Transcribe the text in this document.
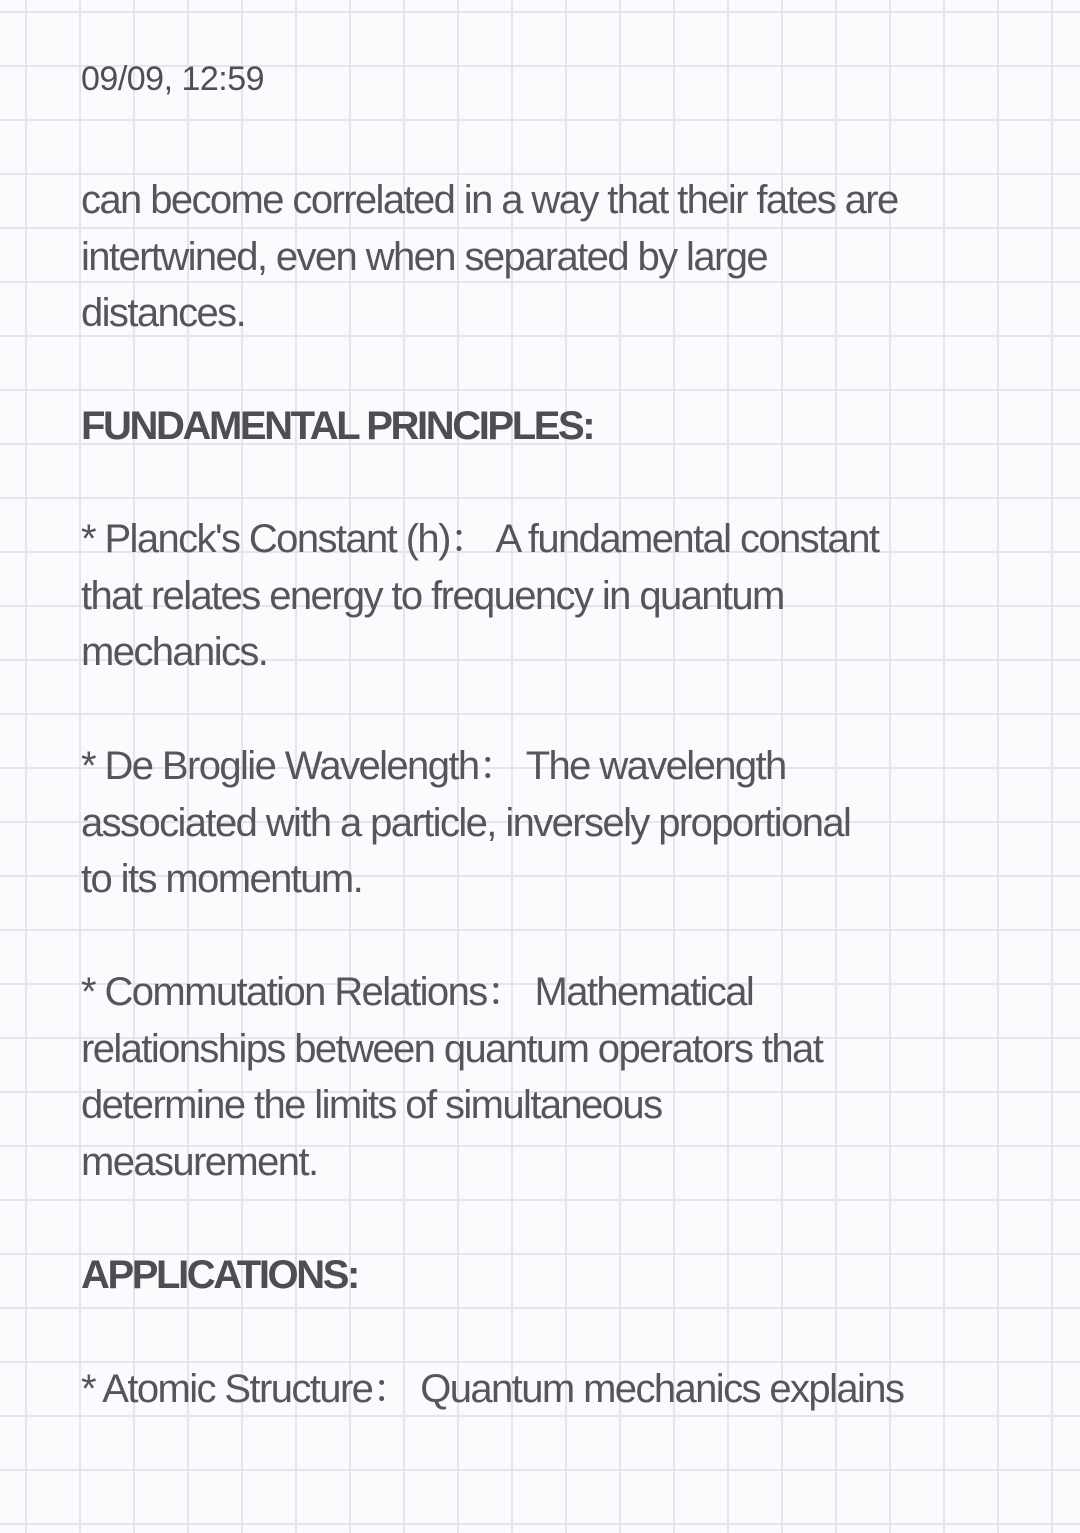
09/09, 12:59
can become correlated in a way that their fates are
intertwined, even when separated by large
distances.
FUNDAMENTAL PRINCIPLES:
* Planck's Constant (h)： A fundamental constant
that relates energy to frequency in quantum
mechanics.
* De Broglie Wavelength： The wavelength
associated with a particle, inversely proportional
to its momentum.
* Commutation Relations： Mathematical
relationships between quantum operators that
determine the limits of simultaneous
measurement.
APPLICATIONS:
* Atomic Structure： Quantum mechanics explains
